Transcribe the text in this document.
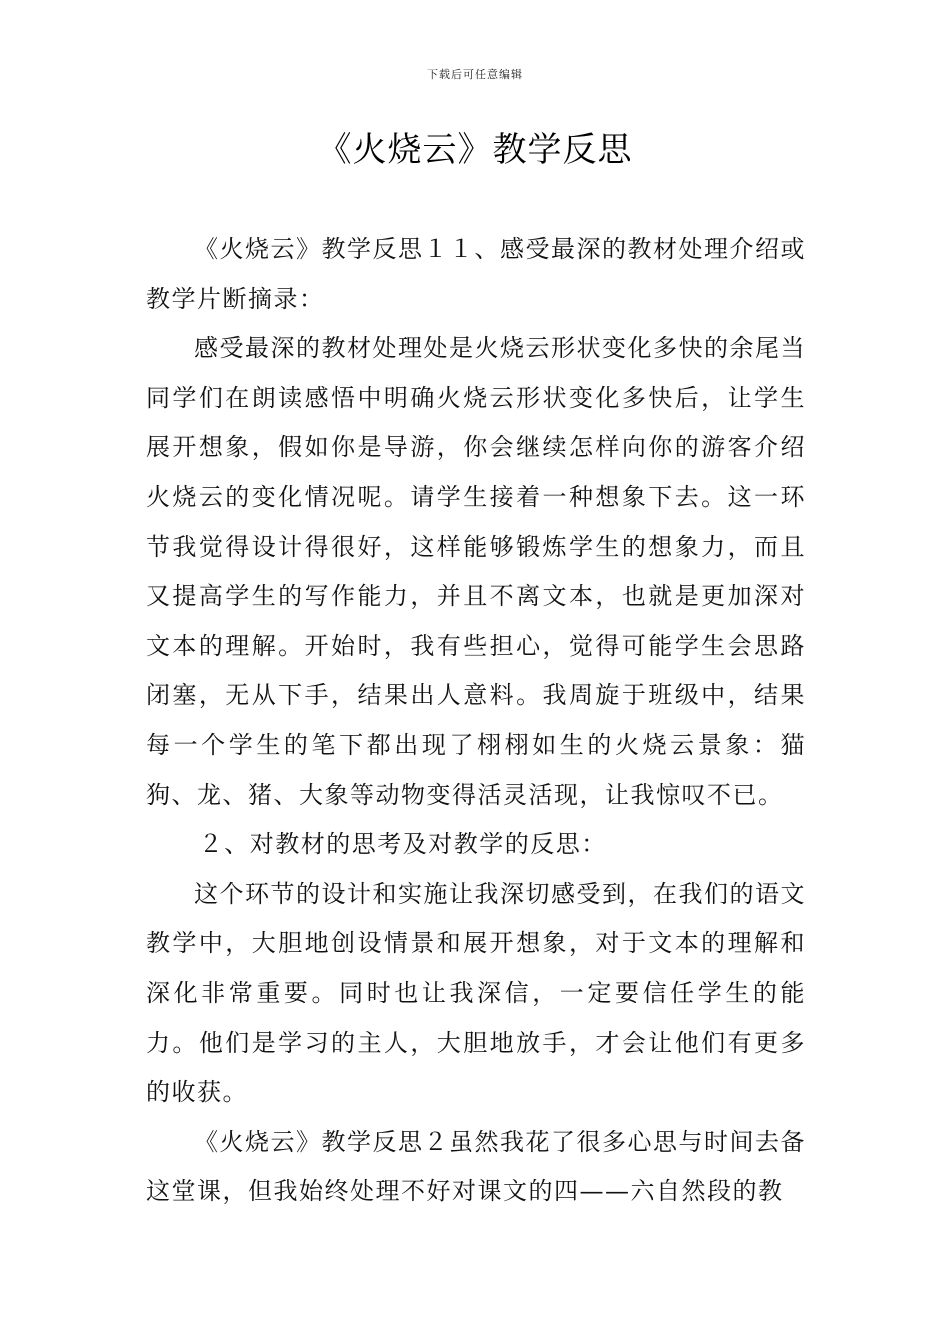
下载后可任意编辑
《火烧云》教学反思

《火烧云》教学反思１１、感受最深的教材处理介绍或教学片断摘录：

感受最深的教材处理处是火烧云形状变化多快的余尾当同学们在朗读感悟中明确火烧云形状变化多快后，让学生展开想象，假如你是导游，你会继续怎样向你的游客介绍火烧云的变化情况呢。请学生接着一种想象下去。这一环节我觉得设计得很好，这样能够锻炼学生的想象力，而且又提高学生的写作能力，并且不离文本，也就是更加深对文本的理解。开始时，我有些担心，觉得可能学生会思路闭塞，无从下手，结果出人意料。我周旋于班级中，结果每一个学生的笔下都出现了栩栩如生的火烧云景象：猫狗、龙、猪、大象等动物变得活灵活现，让我惊叹不已。

２、对教材的思考及对教学的反思：

这个环节的设计和实施让我深切感受到，在我们的语文教学中，大胆地创设情景和展开想象，对于文本的理解和深化非常重要。同时也让我深信，一定要信任学生的能力。他们是学习的主人，大胆地放手，才会让他们有更多的收获。

《火烧云》教学反思２虽然我花了很多心思与时间去备这堂课，但我始终处理不好对课文的四——六自然段的教
